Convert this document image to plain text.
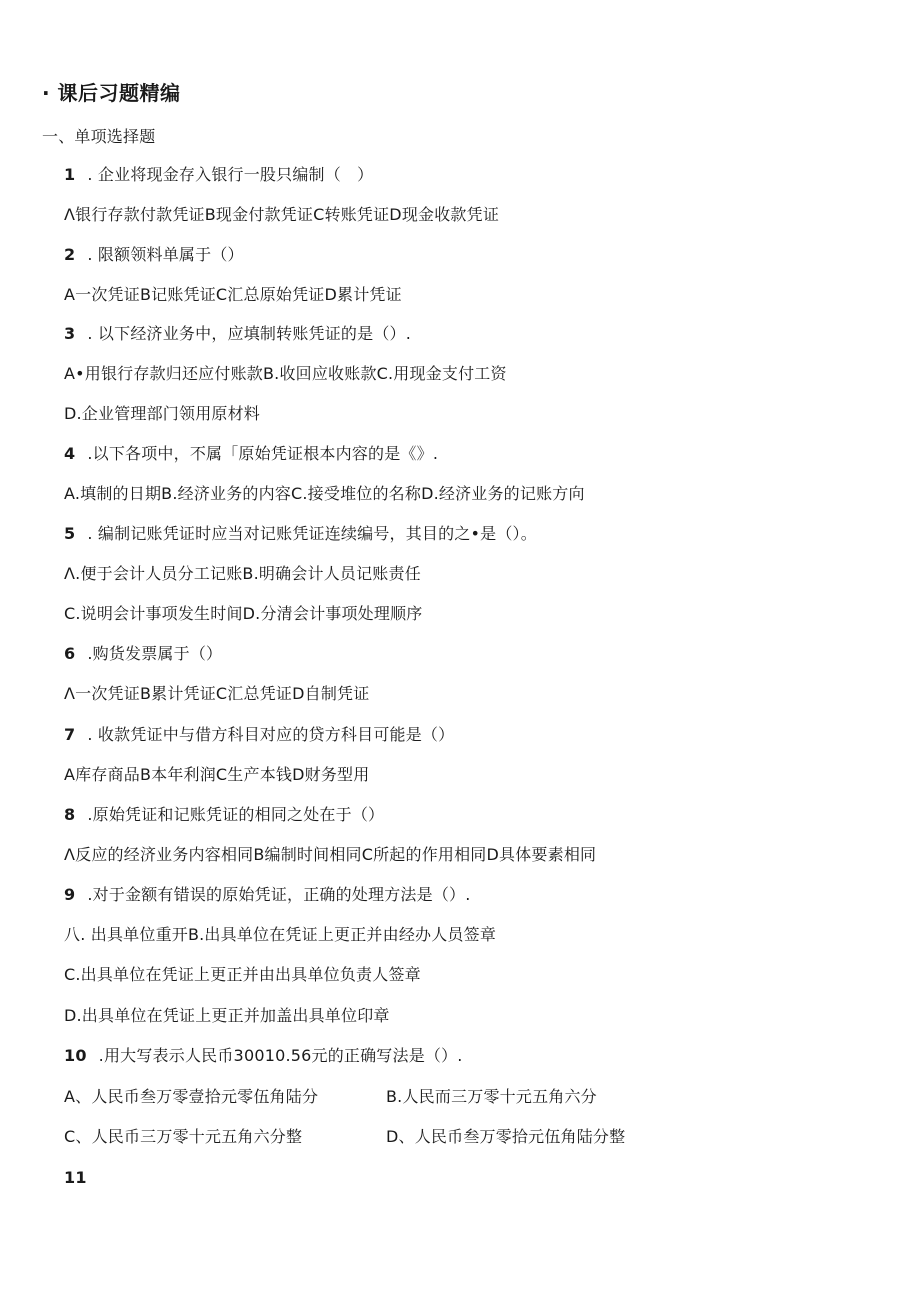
· 课后习题精编
一、单项选择题
1 . 企业将现金存入银行一股只编制（　）
Λ银行存款付款凭证B现金付款凭证C转账凭证D现金收款凭证
2 . 限额领料单属于（）
A一次凭证B记账凭证C汇总原始凭证D累计凭证
3 . 以下经济业务中，应填制转账凭证的是（）.
A•用银行存款归还应付账款B.收回应收账款C.用现金支付工资
D.企业管理部门领用原材料
4 .以下各项中，不属「原始凭证根本内容的是《》.
A.填制的日期B.经济业务的内容C.接受堆位的名称D.经济业务的记账方向
5 . 编制记账凭证时应当对记账凭证连续编号，其目的之•是（）。
Λ.便于会计人员分工记账B.明确会计人员记账责任
C.说明会计事项发生时间D.分清会计事项处理顺序
6 .购货发票属于（）
Λ一次凭证B累计凭证C汇总凭证D自制凭证
7 . 收款凭证中与借方科目对应的贷方科目可能是（）
A库存商品B本年利润C生产本钱D财务型用
8 .原始凭证和记账凭证的相同之处在于（）
Λ反应的经济业务内容相同B编制时间相同C所起的作用相同D具体要素相同
9 .对于金额有错误的原始凭证，正确的处理方法是（）.
八. 出具单位重开B.出具单位在凭证上更正并由经办人员签章
C.出具单位在凭证上更正并由出具单位负责人签章
D.出具单位在凭证上更正并加盖出具单位印章
10 .用大写表示人民币30010.56元的正确写法是（）.
A、人民币叁万零壹拾元零伍角陆分	B.人民而三万零十元五角六分
C、人民币三万零十元五角六分整	D、人民币叁万零拾元伍角陆分整
11
